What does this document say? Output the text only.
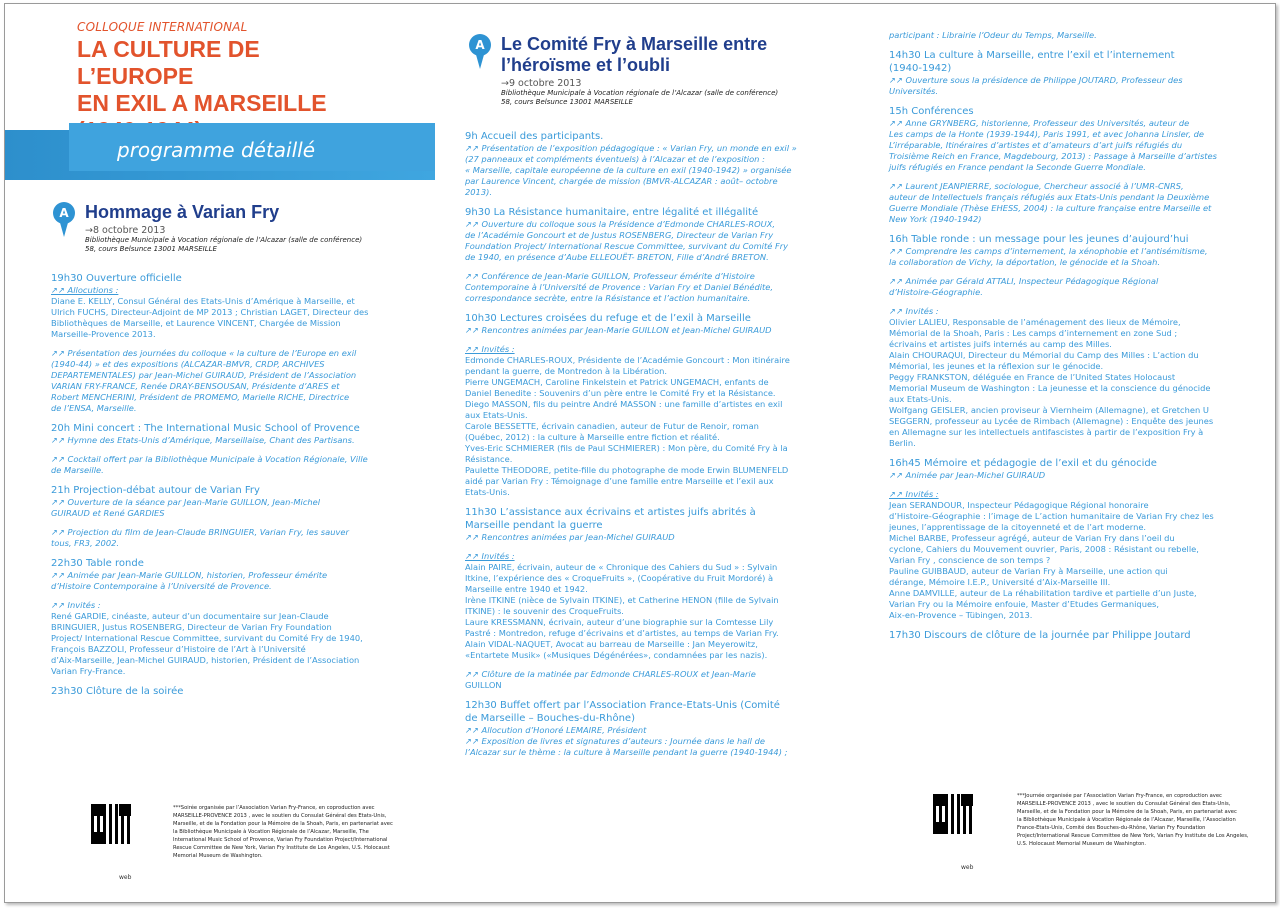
COLLOQUE INTERNATIONAL
LA CULTURE DE L’EUROPE
EN EXIL A MARSEILLE
programme détaillé
A Hommage à Varian Fry
→8 octobre 2013
Bibliothèque Municipale à Vocation régionale de l’Alcazar (salle de conférence)
58, cours Belsunce 13001 MARSEILLE
19h30 Ouverture officielle
↗↗ Allocutions :
Diane E. KELLY, Consul Général des Etats-Unis d’Amérique à Marseille, et
Ulrich FUCHS, Directeur-Adjoint de MP 2013 ; Christian LAGET, Directeur des
Bibliothèques de Marseille, et Laurence VINCENT, Chargée de Mission
Marseille-Provence 2013.
↗↗ Présentation des journées du colloque « la culture de l’Europe en exil
(1940-44) » et des expositions (ALCAZAR-BMVR, CRDP, ARCHIVES
DEPARTEMENTALES) par Jean-Michel GUIRAUD, Président de l’Association
VARIAN FRY-FRANCE, Renée DRAY-BENSOUSAN, Présidente d’ARES et
Robert MENCHERINI, Président de PROMEMO, Marielle RICHE, Directrice
de l’ENSA, Marseille.
20h Mini concert : The International Music School of Provence
↗↗ Hymne des Etats-Unis d’Amérique, Marseillaise, Chant des Partisans.
↗↗ Cocktail offert par la Bibliothèque Municipale à Vocation Régionale, Ville
de Marseille.
21h Projection-débat autour de Varian Fry
↗↗ Ouverture de la séance par Jean-Marie GUILLON, Jean-Michel
GUIRAUD et René GARDIES
↗↗ Projection du film de Jean-Claude BRINGUIER, Varian Fry, les sauver
tous, FR3, 2002.
22h30 Table ronde
↗↗ Animée par Jean-Marie GUILLON, historien, Professeur émérite
d’Histoire Contemporaine à l’Université de Provence.
↗↗ Invités :
René GARDIE, cinéaste, auteur d’un documentaire sur Jean-Claude
BRINGUIER, Justus ROSENBERG, Directeur de Varian Fry Foundation
Project/ International Rescue Committee, survivant du Comité Fry de 1940,
François BAZZOLI, Professeur d’Histoire de l’Art à l’Université
d’Aix-Marseille, Jean-Michel GUIRAUD, historien, Président de l’Association
Varian Fry-France.
23h30 Clôture de la soirée
web
***Soirée organisée par l’Association Varian Fry-France, en coproduction avec
MARSEILLE-PROVENCE 2013 , avec le soutien du Consulat Général des Etats-Unis,
Marseille, et de la Fondation pour la Mémoire de la Shoah, Paris, en partenariat avec
la Bibliothèque Municipale à Vocation Régionale de l’Alcazar, Marseille, The
International Music School of Provence, Varian Fry Foundation Project/International
Rescue Committee de New York, Varian Fry Institute de Los Angeles, U.S. Holocaust
Memorial Museum de Washington.
A Le Comité Fry à Marseille entre
l’héroïsme et l’oubli
→9 octobre 2013
Bibliothèque Municipale à Vocation régionale de l’Alcazar (salle de conférence)
58, cours Belsunce 13001 MARSEILLE
9h Accueil des participants.
↗↗ Présentation de l’exposition pédagogique : « Varian Fry, un monde en exil »
(27 panneaux et compléments éventuels) à l’Alcazar et de l’exposition :
« Marseille, capitale européenne de la culture en exil (1940-1942) » organisée
par Laurence Vincent, chargée de mission (BMVR-ALCAZAR : août– octobre
2013).
9h30 La Résistance humanitaire, entre légalité et illégalité
↗↗ Ouverture du colloque sous la Présidence d’Edmonde CHARLES-ROUX,
de l’Académie Goncourt et de Justus ROSENBERG, Directeur de Varian Fry
Foundation Project/ International Rescue Committee, survivant du Comité Fry
de 1940, en présence d’Aube ELLEOUËT- BRETON, Fille d’André BRETON.
↗↗ Conférence de Jean-Marie GUILLON, Professeur émérite d’Histoire
Contemporaine à l’Université de Provence : Varian Fry et Daniel Bénédite,
correspondance secrète, entre la Résistance et l’action humanitaire.
10h30 Lectures croisées du refuge et de l’exil à Marseille
↗↗ Rencontres animées par Jean-Marie GUILLON et Jean-Michel GUIRAUD
↗↗ Invités :
Edmonde CHARLES-ROUX, Présidente de l’Académie Goncourt : Mon itinéraire
pendant la guerre, de Montredon à la Libération.
Pierre UNGEMACH, Caroline Finkelstein et Patrick UNGEMACH, enfants de
Daniel Benedite : Souvenirs d’un père entre le Comité Fry et la Résistance.
Diego MASSON, fils du peintre André MASSON : une famille d’artistes en exil
aux Etats-Unis.
Carole BESSETTE, écrivain canadien, auteur de Futur de Renoir, roman
(Québec, 2012) : la culture à Marseille entre fiction et réalité.
Yves-Eric SCHMIERER (fils de Paul SCHMIERER) : Mon père, du Comité Fry à la
Résistance.
Paulette THEODORE, petite-fille du photographe de mode Erwin BLUMENFELD
aidé par Varian Fry : Témoignage d’une famille entre Marseille et l’exil aux
Etats-Unis.
11h30 L’assistance aux écrivains et artistes juifs abrités à
Marseille pendant la guerre
↗↗ Rencontres animées par Jean-Michel GUIRAUD
↗↗ Invités :
Alain PAIRE, écrivain, auteur de « Chronique des Cahiers du Sud » : Sylvain
Itkine, l’expérience des « CroqueFruits », (Coopérative du Fruit Mordoré) à
Marseille entre 1940 et 1942.
Irène ITKINE (nièce de Sylvain ITKINE), et Catherine HENON (fille de Sylvain
ITKINE) : le souvenir des CroqueFruits.
Laure KRESSMANN, écrivain, auteur d’une biographie sur la Comtesse Lily
Pastré : Montredon, refuge d’écrivains et d’artistes, au temps de Varian Fry.
Alain VIDAL-NAQUET, Avocat au barreau de Marseille : Jan Meyerowitz,
«Entartete Musik» («Musiques Dégénérées», condamnées par les nazis).
↗↗ Clôture de la matinée par Edmonde CHARLES-ROUX et Jean-Marie
GUILLON
12h30 Buffet offert par l’Association France-Etats-Unis (Comité
de Marseille – Bouches-du-Rhône)
↗↗ Allocution d’Honoré LEMAIRE, Président
↗↗ Exposition de livres et signatures d’auteurs : Journée dans le hall de
l’Alcazar sur le thème : la culture à Marseille pendant la guerre (1940-1944) ;
participant : Librairie l’Odeur du Temps, Marseille.
14h30 La culture à Marseille, entre l’exil et l’internement
(1940-1942)
↗↗ Ouverture sous la présidence de Philippe JOUTARD, Professeur des
Universités.
15h Conférences
↗↗ Anne GRYNBERG, historienne, Professeur des Universités, auteur de
Les camps de la Honte (1939-1944), Paris 1991, et avec Johanna Linsler, de
L’irréparable, Itinéraires d’artistes et d’amateurs d’art juifs réfugiés du
Troisième Reich en France, Magdebourg, 2013) : Passage à Marseille d’artistes
juifs réfugiés en France pendant la Seconde Guerre Mondiale.
↗↗ Laurent JEANPIERRE, sociologue, Chercheur associé à l’UMR-CNRS,
auteur de Intellectuels français réfugiés aux Etats-Unis pendant la Deuxième
Guerre Mondiale (Thèse EHESS, 2004) : la culture française entre Marseille et
New York (1940-1942)
16h Table ronde : un message pour les jeunes d’aujourd’hui
↗↗ Comprendre les camps d’internement, la xénophobie et l’antisémitisme,
la collaboration de Vichy, la déportation, le génocide et la Shoah.
↗↗ Animée par Gérald ATTALI, Inspecteur Pédagogique Régional
d’Histoire-Géographie.
↗↗ Invités :
Olivier LALIEU, Responsable de l’aménagement des lieux de Mémoire,
Mémorial de la Shoah, Paris : Les camps d’internement en zone Sud ;
écrivains et artistes juifs internés au camp des Milles.
Alain CHOURAQUI, Directeur du Mémorial du Camp des Milles : L’action du
Mémorial, les jeunes et la réflexion sur le génocide.
Peggy FRANKSTON, déléguée en France de l’United States Holocaust
Memorial Museum de Washington : La jeunesse et la conscience du génocide
aux Etats-Unis.
Wolfgang GEISLER, ancien proviseur à Viernheim (Allemagne), et Gretchen U
SEGGERN, professeur au Lycée de Rimbach (Allemagne) : Enquête des jeunes
en Allemagne sur les intellectuels antifascistes à partir de l’exposition Fry à
Berlin.
16h45 Mémoire et pédagogie de l’exil et du génocide
↗↗ Animée par Jean-Michel GUIRAUD
↗↗ Invités :
Jean SERANDOUR, Inspecteur Pédagogique Régional honoraire
d’Histoire-Géographie : l’image de L’action humanitaire de Varian Fry chez les
jeunes, l’apprentissage de la citoyenneté et de l’art moderne.
Michel BARBE, Professeur agrégé, auteur de Varian Fry dans l’oeil du
cyclone, Cahiers du Mouvement ouvrier, Paris, 2008 : Résistant ou rebelle,
Varian Fry , conscience de son temps ?
Pauline GUIBBAUD, auteur de Varian Fry à Marseille, une action qui
dérange, Mémoire I.E.P., Université d’Aix-Marseille III.
Anne DAMVILLE, auteur de La réhabilitation tardive et partielle d’un Juste,
Varian Fry ou la Mémoire enfouie, Master d’Etudes Germaniques,
Aix-en-Provence – Tübingen, 2013.
17h30 Discours de clôture de la journée par Philippe Joutard
web
***Journée organisée par l’Association Varian Fry-France, en coproduction avec
MARSEILLE-PROVENCE 2013 , avec le soutien du Consulat Général des Etats-Unis,
Marseille, et de la Fondation pour la Mémoire de la Shoah, Paris, en partenariat avec
la Bibliothèque Municipale à Vocation Régionale de l’Alcazar, Marseille, l’Association
France-Etats-Unis, Comité des Bouches-du-Rhône, Varian Fry Foundation
Project/International Rescue Committee de New York, Varian Fry Institute de Los Angeles,
U.S. Holocaust Memorial Museum de Washington.
